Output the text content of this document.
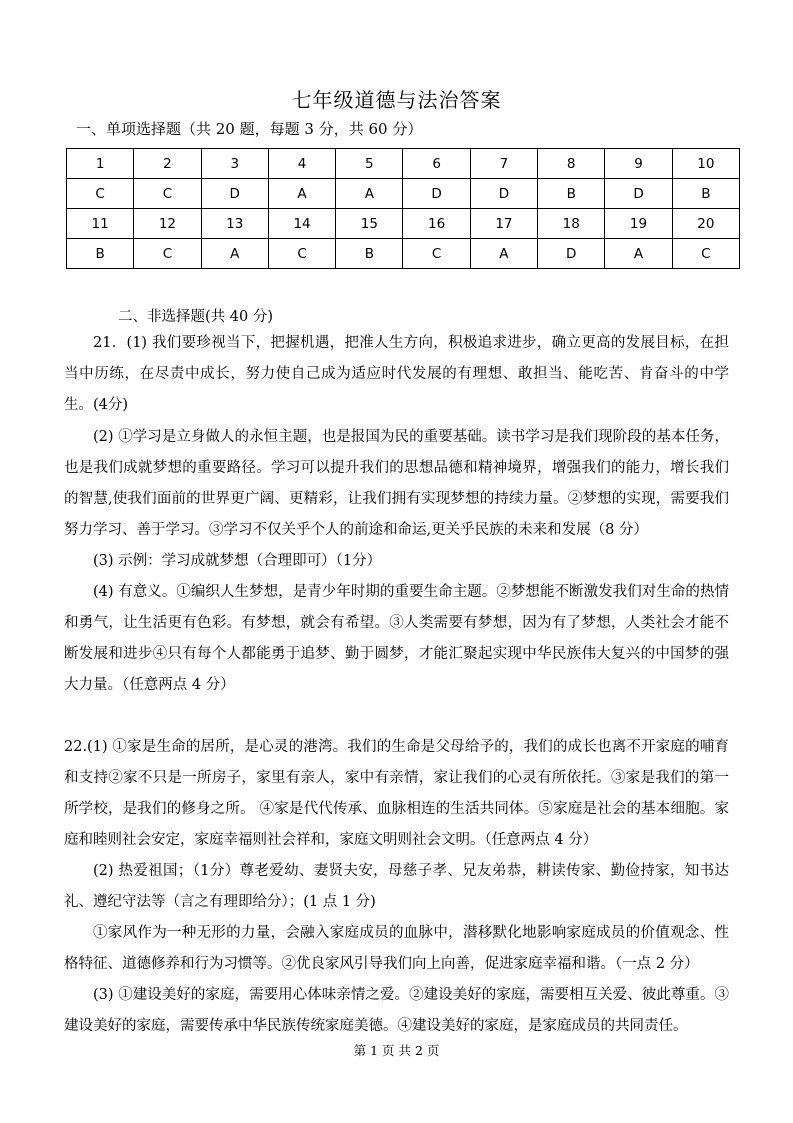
七年级道德与法治答案
一、单项选择题（共 20 题，每题 3 分，共 60 分）
1	2	3	4	5	6	7	8	9	10
C	C	D	A	A	D	D	B	D	B
11	12	13	14	15	16	17	18	19	20
B	C	A	C	B	C	A	D	A	C
二、非选择题(共 40 分)

21．(1) 我们要珍视当下，把握机遇，把准人生方向，积极追求进步，确立更高的发展目标，在担当中历练，在尽责中成长，努力使自己成为适应时代发展的有理想、敢担当、能吃苦、肯奋斗的中学生。(4分)

(2) ①学习是立身做人的永恒主题，也是报国为民的重要基础。读书学习是我们现阶段的基本任务，也是我们成就梦想的重要路径。学习可以提升我们的思想品德和精神境界，增强我们的能力，增长我们的智慧,使我们面前的世界更广阔、更精彩，让我们拥有实现梦想的持续力量。②梦想的实现，需要我们努力学习、善于学习。③学习不仅关乎个人的前途和命运,更关乎民族的未来和发展（8 分）

(3) 示例：学习成就梦想（合理即可）（1分）

(4) 有意义。①编织人生梦想，是青少年时期的重要生命主题。②梦想能不断激发我们对生命的热情和勇气，让生活更有色彩。有梦想，就会有希望。③人类需要有梦想，因为有了梦想，人类社会才能不断发展和进步④只有每个人都能勇于追梦、勤于圆梦，才能汇聚起实现中华民族伟大复兴的中国梦的强大力量。（任意两点 4 分）

22.(1) ①家是生命的居所，是心灵的港湾。我们的生命是父母给予的，我们的成长也离不开家庭的哺育和支持②家不只是一所房子，家里有亲人，家中有亲情，家让我们的心灵有所依托。③家是我们的第一所学校，是我们的修身之所。 ④家是代代传承、血脉相连的生活共同体。⑤家庭是社会的基本细胞。家庭和睦则社会安定，家庭幸福则社会祥和，家庭文明则社会文明。（任意两点 4 分）

(2) 热爱祖国；（1分）尊老爱幼、妻贤夫安，母慈子孝、兄友弟恭，耕读传家、勤俭持家，知书达礼、遵纪守法等（言之有理即给分）；(1 点 1 分)

①家风作为一种无形的力量，会融入家庭成员的血脉中，潜移默化地影响家庭成员的价值观念、性格特征、道德修养和行为习惯等。②优良家风引导我们向上向善，促进家庭幸福和谐。（一点 2 分）

(3) ①建设美好的家庭，需要用心体味亲情之爱。②建设美好的家庭，需要相互关爱、彼此尊重。③建设美好的家庭，需要传承中华民族传统家庭美德。④建设美好的家庭，是家庭成员的共同责任。

第 1 页 共 2 页
